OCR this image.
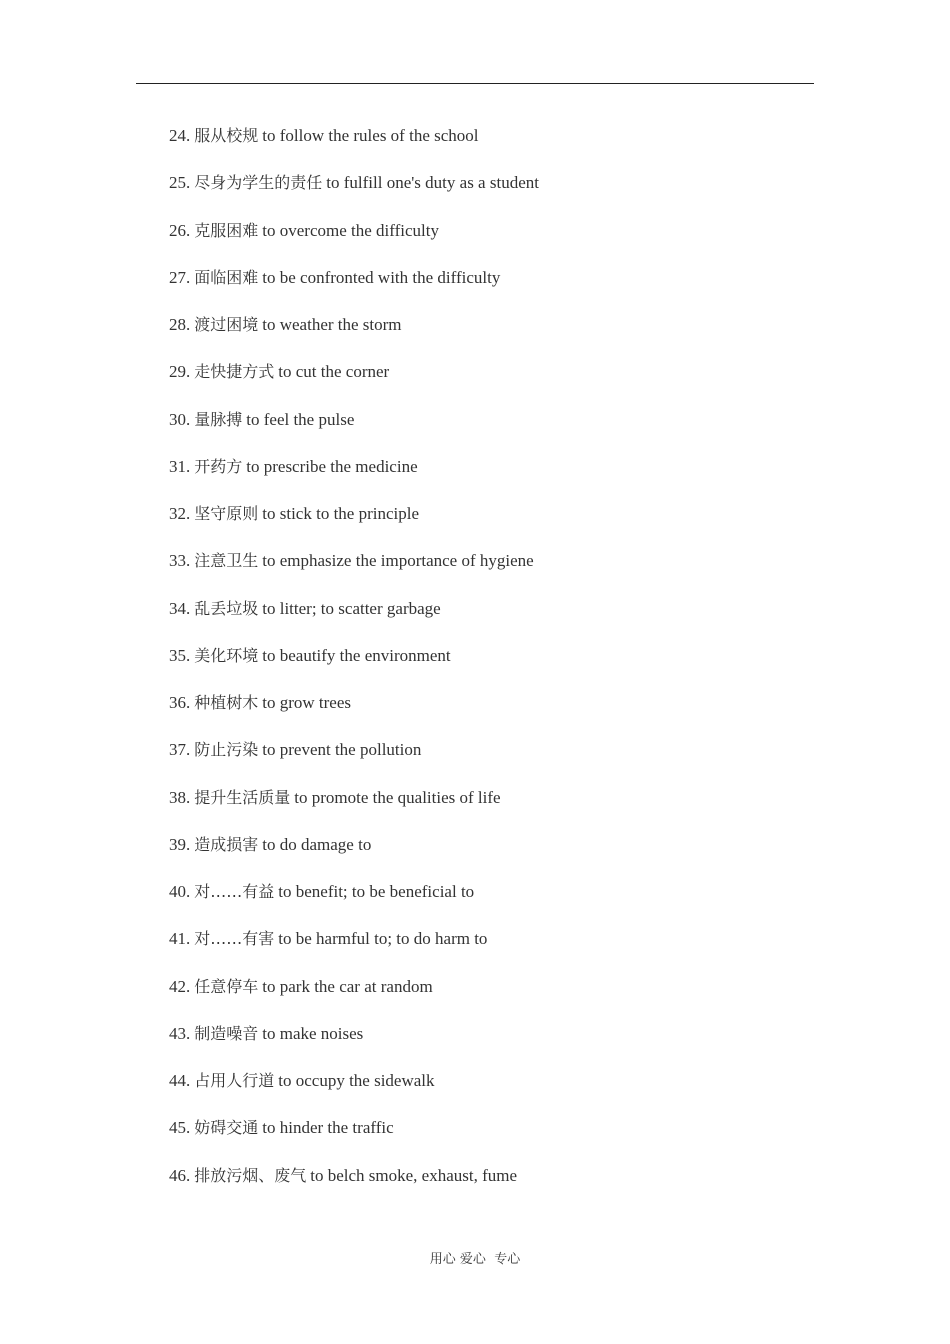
24. 服从校规 to follow the rules of the school
25. 尽身为学生的责任 to fulfill one's duty as a student
26. 克服困难 to overcome the difficulty
27. 面临困难 to be confronted with the difficulty
28. 渡过困境 to weather the storm
29. 走快捷方式 to cut the corner
30. 量脉搏 to feel the pulse
31. 开药方 to prescribe the medicine
32. 坚守原则 to stick to the principle
33. 注意卫生 to emphasize the importance of hygiene
34. 乱丢垃圾 to litter; to scatter garbage
35. 美化环境 to beautify the environment
36. 种植树木 to grow trees
37. 防止污染 to prevent the pollution
38. 提升生活质量 to promote the qualities of life
39. 造成损害 to do damage to
40. 对……有益 to benefit; to be beneficial to
41. 对……有害 to be harmful to; to do harm to
42. 任意停车 to park the car at random
43. 制造噪音 to make noises
44. 占用人行道 to occupy the sidewalk
45. 妨碍交通 to hinder the traffic
46. 排放污烟、废气 to belch smoke, exhaust, fume
用心 爱心  专心
